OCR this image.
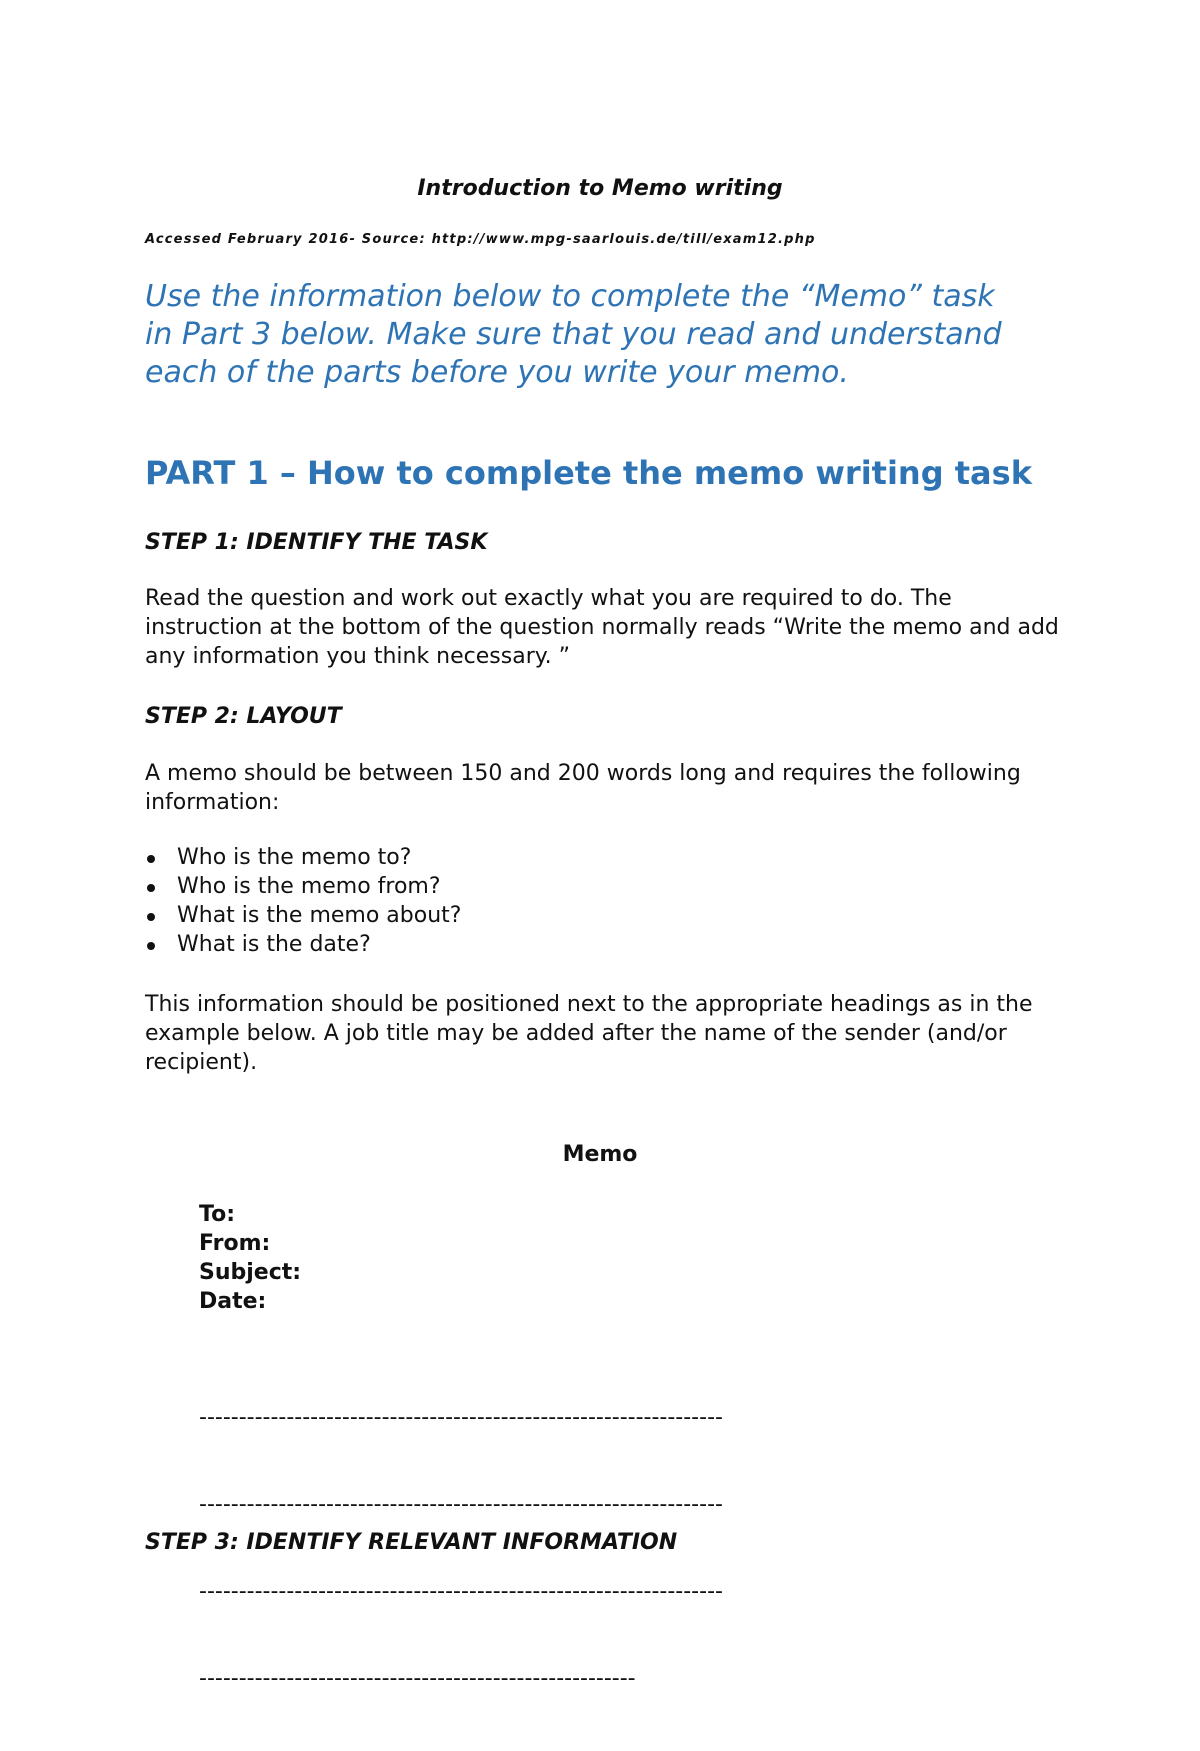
Introduction to Memo writing

Accessed February 2016- Source: http://www.mpg-saarlouis.de/till/exam12.php

Use the information below to complete the “Memo” task in Part 3 below. Make sure that you read and understand each of the parts before you write your memo.

PART 1 – How to complete the memo writing task
STEP 1: IDENTIFY THE TASK

Read the question and work out exactly what you are required to do. The instruction at the bottom of the question normally reads “Write the memo and add any information you think necessary. ”

STEP 2: LAYOUT

A memo should be between 150 and 200 words long and requires the following information:

Who is the memo to?
Who is the memo from?
What is the memo about?
What is the date?

This information should be positioned next to the appropriate headings as in the example below. A job title may be added after the name of the sender (and/or recipient).

Memo

To:
From:
Subject:
Date:

------------------------------------------------------------------

------------------------------------------------------------------

------------------------------------------------------------------

-------------------------------------------------------

STEP 3: IDENTIFY RELEVANT INFORMATION
